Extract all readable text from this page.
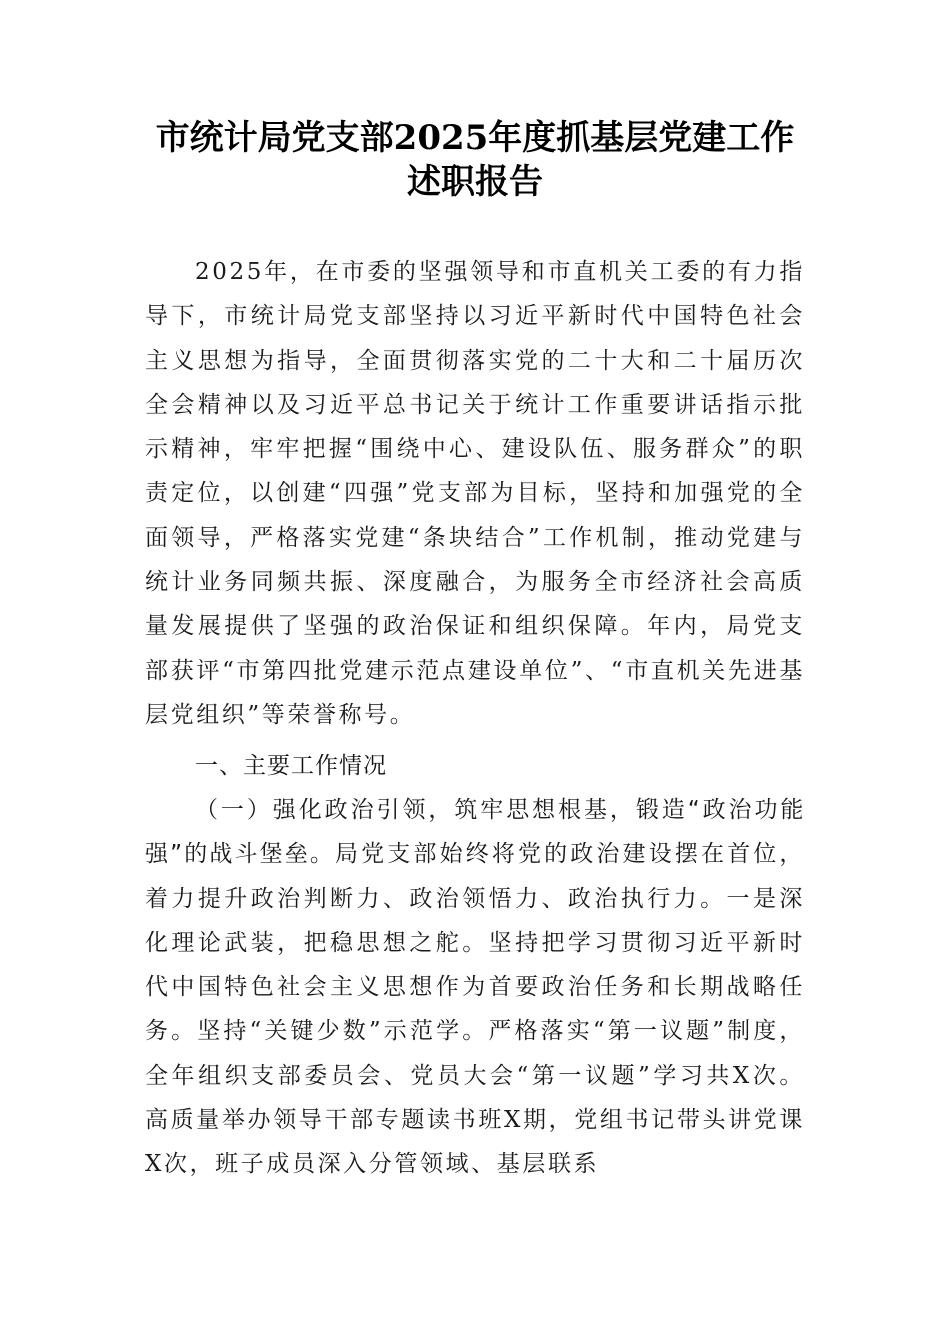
市统计局党支部2025年度抓基层党建工作
述职报告
2025年，在市委的坚强领导和市直机关工委的有力指导下，市统计局党支部坚持以习近平新时代中国特色社会主义思想为指导，全面贯彻落实党的二十大和二十届历次全会精神以及习近平总书记关于统计工作重要讲话指示批示精神，牢牢把握“围绕中心、建设队伍、服务群众”的职责定位，以创建“四强”党支部为目标，坚持和加强党的全面领导，严格落实党建“条块结合”工作机制，推动党建与统计业务同频共振、深度融合，为服务全市经济社会高质量发展提供了坚强的政治保证和组织保障。年内，局党支部获评“市第四批党建示范点建设单位”、“市直机关先进基层党组织”等荣誉称号。
一、主要工作情况
（一）强化政治引领，筑牢思想根基，锻造“政治功能强”的战斗堡垒。局党支部始终将党的政治建设摆在首位，着力提升政治判断力、政治领悟力、政治执行力。一是深化理论武装，把稳思想之舵。坚持把学习贯彻习近平新时代中国特色社会主义思想作为首要政治任务和长期战略任务。坚持“关键少数”示范学。严格落实“第一议题”制度，全年组织支部委员会、党员大会“第一议题”学习共X次。高质量举办领导干部专题读书班X期，党组书记带头讲党课X次，班子成员深入分管领域、基层联系
